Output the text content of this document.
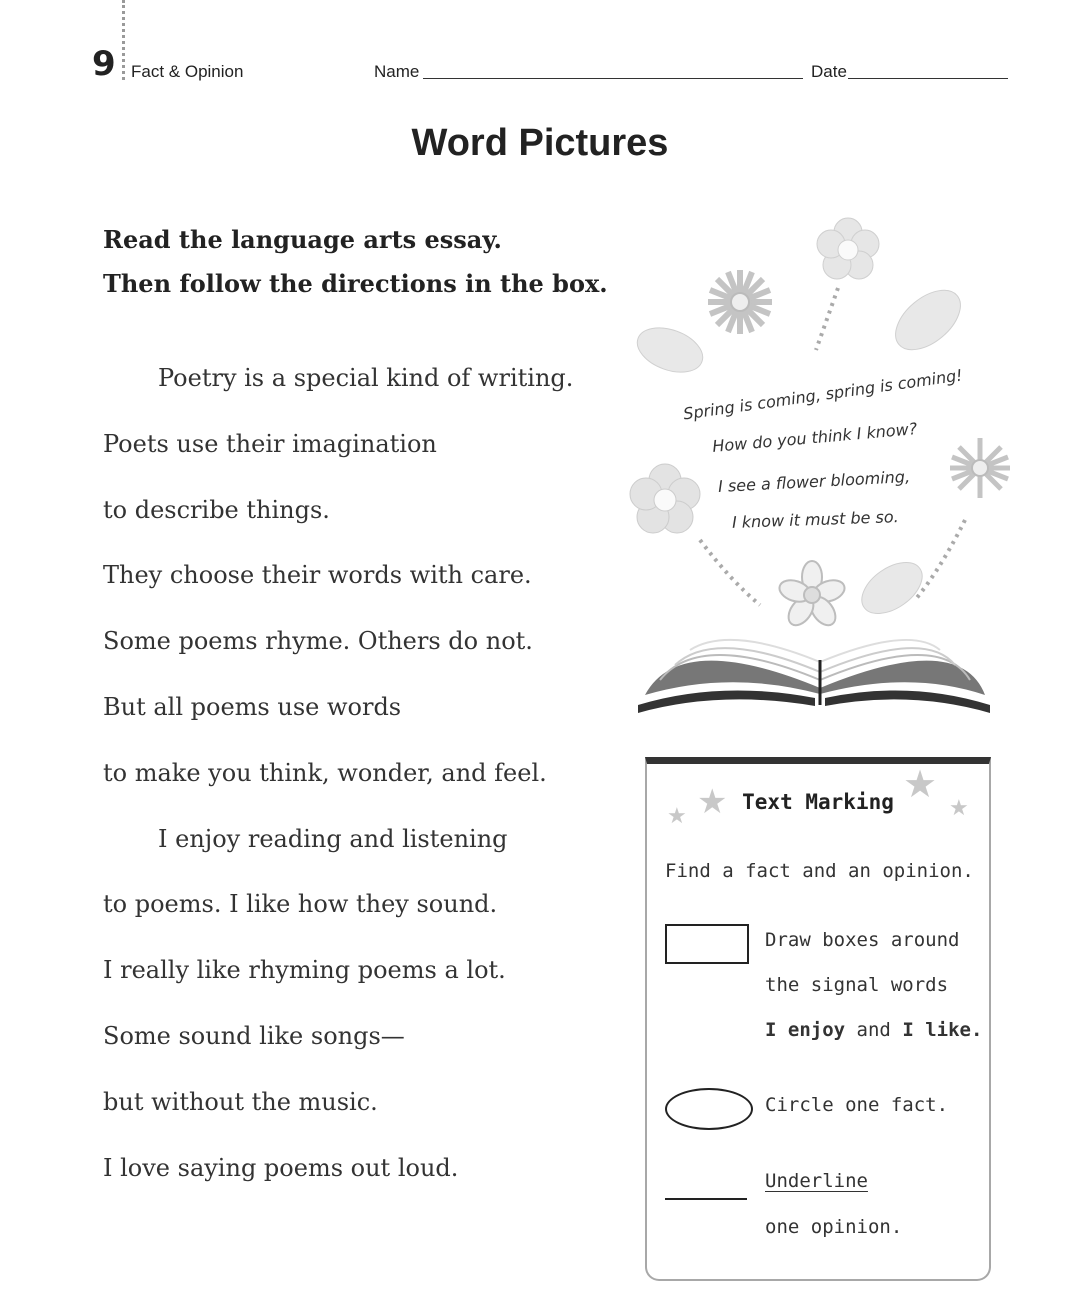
9 Fact & Opinion	Name	Date
Word Pictures
Read the language arts essay.
Then follow the directions in the box.
Poetry is a special kind of writing.
Poets use their imagination
to describe things.
They choose their words with care.
Some poems rhyme. Others do not.
But all poems use words
to make you think, wonder, and feel.
I enjoy reading and listening
to poems. I like how they sound.
I really like rhyming poems a lot.
Some sound like songs—
but without the music.
I love saying poems out loud.
Spring is coming, spring is coming!
How do you think I know?
I see a flower blooming,
I know it must be so.
★ ★	★
★
Text Marking
Find a fact and an opinion.
Draw boxes around
the signal words
I enjoy and I like.
Circle one fact.
Underline
one opinion.
